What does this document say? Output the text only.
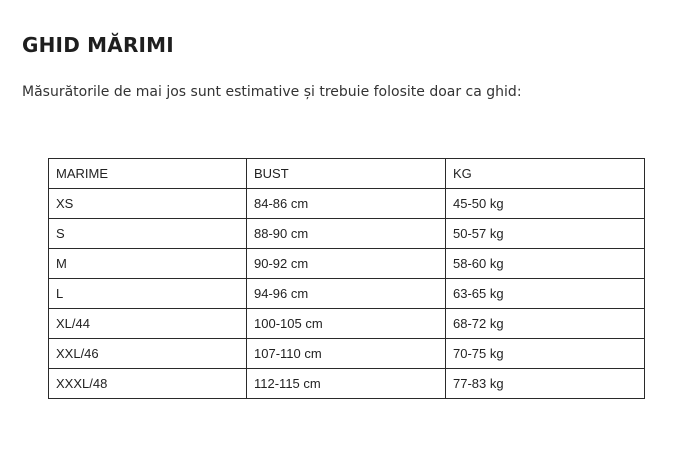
GHID MĂRIMI

Măsurătorile de mai jos sunt estimative și trebuie folosite doar ca ghid:

MARIME	BUST	KG
XS	84-86 cm	45-50 kg
S	88-90 cm	50-57 kg
M	90-92 cm	58-60 kg
L	94-96 cm	63-65 kg
XL/44	100-105 cm	68-72 kg
XXL/46	107-110 cm	70-75 kg
XXXL/48	112-115 cm	77-83 kg
